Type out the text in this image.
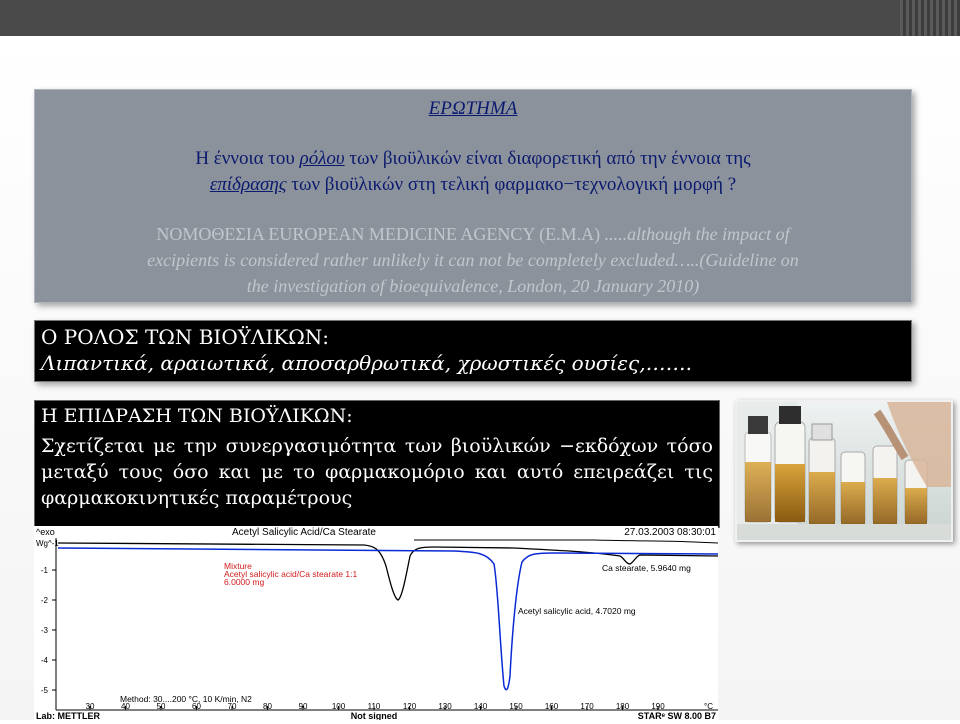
ΕΡΩΤΗΜΑ
Η έννοια του ρόλου των βιοϋλικών είναι διαφορετική από την έννοια της
επίδρασης των βιοϋλικών στη τελική φαρμακο−τεχνολογική μορφή ?
ΝΟΜΟΘΕΣΙΑ EUROPEAN MEDICINE AGENCY (E.M.A) .....although the impact of
excipients is considered rather unlikely it can not be completely excluded…..(Guideline on
the investigation of bioequivalence, London, 20 January 2010)
Ο ΡΟΛΟΣ ΤΩΝ ΒΙΟΫΛΙΚΩΝ:
Λιπαντικά, αραιωτικά, αποσαρθρωτικά, χρωστικές ουσίες,…….
Η ΕΠΙΔΡΑΣΗ ΤΩΝ ΒΙΟΫΛΙΚΩΝ:
Σχετίζεται με την συνεργασιμότητα των βιοϋλικών −εκδόχων τόσο μεταξύ τους όσο και με το φαρμακομόριο και αυτό επειρεάζει τις φαρμακοκινητικές παραμέτρους
^exo	Acetyl Salicylic Acid/Ca Stearate	27.03.2003 08:30:01
Wg^-1
-1
-2
-3
-4
-5
30	40	50	60	70	80	90	100	110	120	130	140	150	160	170	180	190	°C
Mixture
Acetyl salicylic acid/Ca stearate 1:1
6.0000 mg
Ca stearate, 5.9640 mg
Acetyl salicylic acid, 4.7020 mg
Method: 30....200 °C, 10 K/min, N2
Lab: METTLER	Not signed	STARᵉ SW 8.00 B7
